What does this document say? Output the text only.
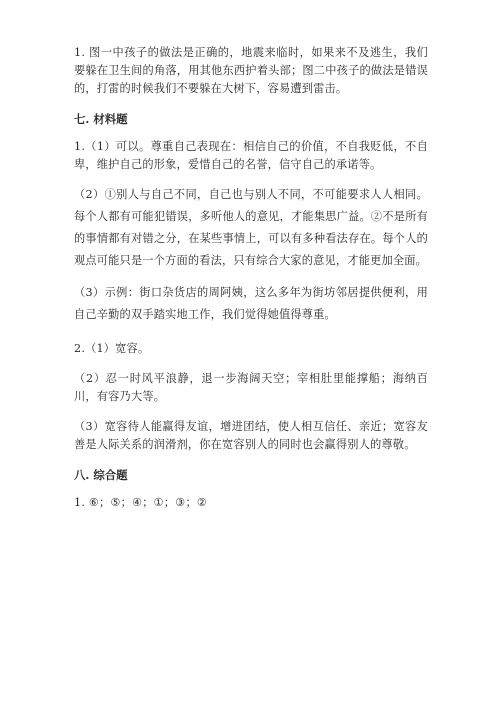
1. 图一中孩子的做法是正确的，地震来临时，如果来不及逃生，我们要躲在卫生间的角落，用其他东西护着头部；图二中孩子的做法是错误的，打雷的时候我们不要躲在大树下，容易遭到雷击。

七. 材料题

1.（1）可以。尊重自己表现在：相信自己的价值，不自我贬低，不自卑，维护自己的形象，爱惜自己的名誉，信守自己的承诺等。

（2）①别人与自己不同，自己也与别人不同，不可能要求人人相同。每个人都有可能犯错误，多听他人的意见，才能集思广益。②不是所有的事情都有对错之分，在某些事情上，可以有多种看法存在。每个人的观点可能只是一个方面的看法，只有综合大家的意见，才能更加全面。

（3）示例：街口杂货店的周阿姨，这么多年为街坊邻居提供便利，用自己辛勤的双手踏实地工作，我们觉得她值得尊重。

2.（1）宽容。

（2）忍一时风平浪静，退一步海阔天空；宰相肚里能撑船；海纳百川，有容乃大等。

（3）宽容待人能赢得友谊，增进团结，使人相互信任、亲近；宽容友善是人际关系的润滑剂，你在宽容别人的同时也会赢得别人的尊敬。

八. 综合题

1. ⑥；⑤；④；①；③；②
